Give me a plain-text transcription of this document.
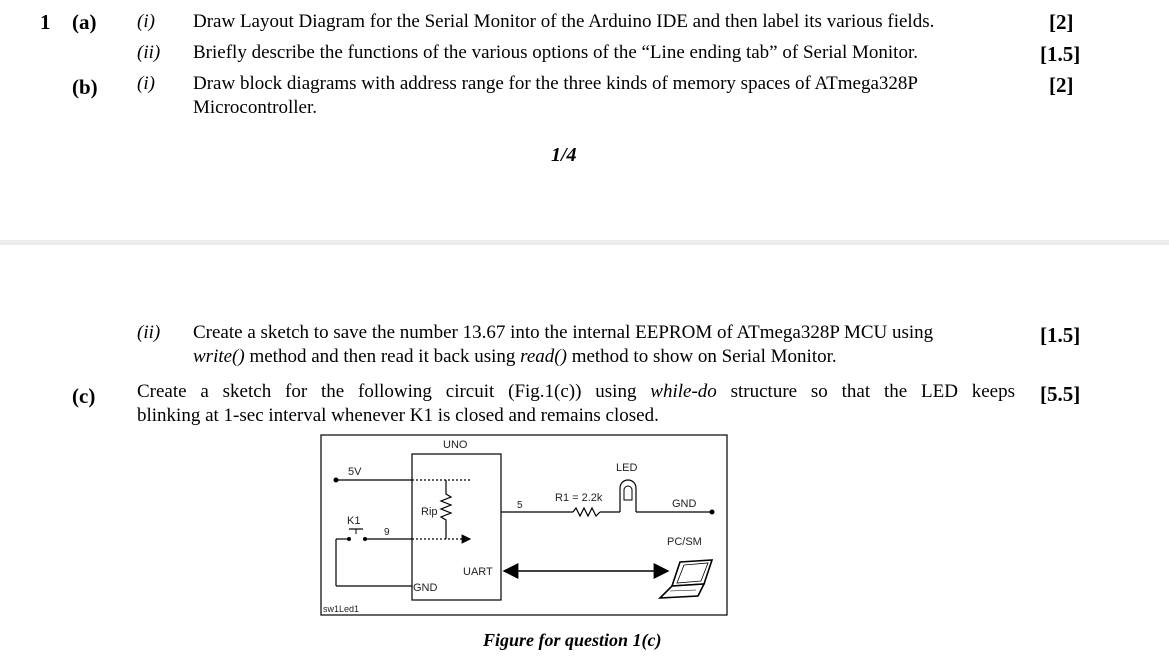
1 (a) (i) Draw Layout Diagram for the Serial Monitor of the Arduino IDE and then label its various fields.	[2]
(ii) Briefly describe the functions of the various options of the “Line ending tab” of Serial Monitor.	[1.5]
(b) (i) Draw block diagrams with address range for the three kinds of memory spaces of ATmega328P
Microcontroller.
[2]
1/4
(ii) Create a sketch to save the number 13.67 into the internal EEPROM of ATmega328P MCU using
write() method and then read it back using read() method to show on Serial Monitor.
[1.5]
(c) Create a sketch for the following circuit (Fig.1(c)) using while-do structure so that the LED keeps
blinking at 1-sec interval whenever K1 is closed and remains closed.
[5.5]
UNO
5V
Rip
K1
9
GND
5
R1 = 2.2k
LED
GND
UART
PC/SM
sw1Led1
Figure for question 1(c)
